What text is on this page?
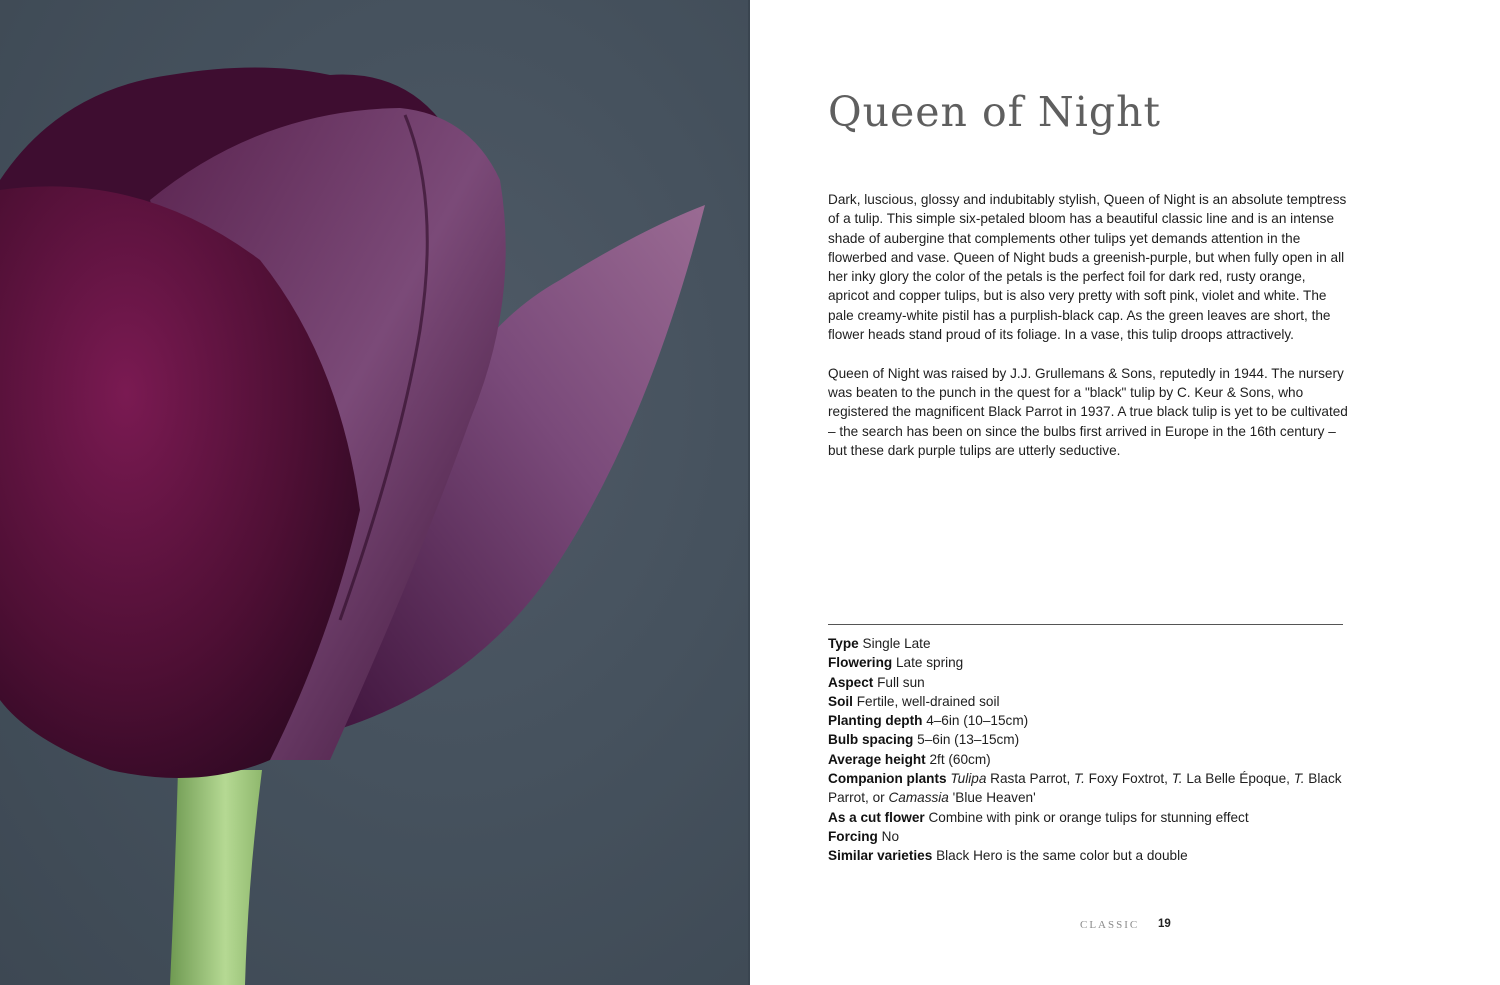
Queen of Night

Dark, luscious, glossy and indubitably stylish, Queen of Night is an absolute temptress of a tulip. This simple six-petaled bloom has a beautiful classic line and is an intense shade of aubergine that complements other tulips yet demands attention in the flowerbed and vase. Queen of Night buds a greenish-purple, but when fully open in all her inky glory the color of the petals is the perfect foil for dark red, rusty orange, apricot and copper tulips, but is also very pretty with soft pink, violet and white. The pale creamy-white pistil has a purplish-black cap. As the green leaves are short, the flower heads stand proud of its foliage. In a vase, this tulip droops attractively.

Queen of Night was raised by J.J. Grullemans & Sons, reputedly in 1944. The nursery was beaten to the punch in the quest for a "black" tulip by C. Keur & Sons, who registered the magnificent Black Parrot in 1937. A true black tulip is yet to be cultivated – the search has been on since the bulbs first arrived in Europe in the 16th century – but these dark purple tulips are utterly seductive.

Type Single Late
Flowering Late spring
Aspect Full sun
Soil Fertile, well-drained soil
Planting depth 4–6in (10–15cm)
Bulb spacing 5–6in (13–15cm)
Average height 2ft (60cm)
Companion plants Tulipa Rasta Parrot, T. Foxy Foxtrot, T. La Belle Époque, T. Black Parrot, or Camassia 'Blue Heaven'
As a cut flower Combine with pink or orange tulips for stunning effect
Forcing No
Similar varieties Black Hero is the same color but a double
CLASSIC 19
